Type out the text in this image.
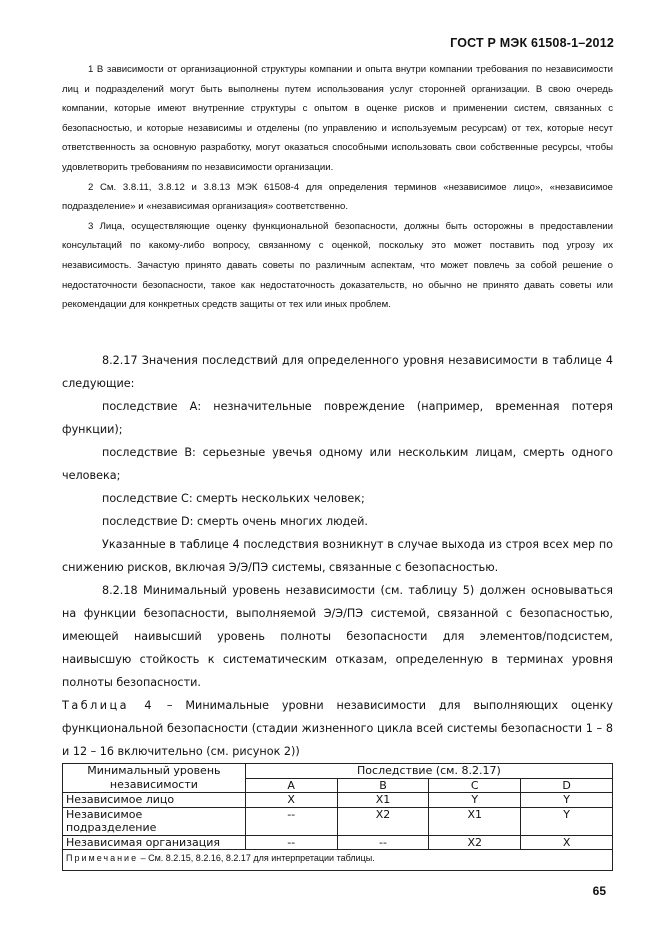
ГОСТ Р МЭК 61508-1–2012

1 В зависимости от организационной структуры компании и опыта внутри компании требования по независимости лиц и подразделений могут быть выполнены путем использования услуг сторонней организации. В свою очередь компании, которые имеют внутренние структуры с опытом в оценке рисков и применении систем, связанных с безопасностью, и которые независимы и отделены (по управлению и используемым ресурсам) от тех, которые несут ответственность за основную разработку, могут оказаться способными использовать свои собственные ресурсы, чтобы удовлетворить требованиям по независимости организации.

2 См. 3.8.11, 3.8.12 и 3.8.13 МЭК 61508-4 для определения терминов «независимое лицо», «независимое подразделение» и «независимая организация» соответственно.

3 Лица, осуществляющие оценку функциональной безопасности, должны быть осторожны в предоставлении консультаций по какому-либо вопросу, связанному с оценкой, поскольку это может поставить под угрозу их независимость. Зачастую принято давать советы по различным аспектам, что может повлечь за собой решение о недостаточности безопасности, такое как недостаточность доказательств, но обычно не принято давать советы или рекомендации для конкретных средств защиты от тех или иных проблем.

8.2.17 Значения последствий для определенного уровня независимости в таблице 4 следующие:

последствие А: незначительные повреждение (например, временная потеря функции);

последствие В: серьезные увечья одному или нескольким лицам, смерть одного человека;

последствие С: смерть нескольких человек;

последствие D: смерть очень многих людей.

Указанные в таблице 4 последствия возникнут в случае выхода из строя всех мер по снижению рисков, включая Э/Э/ПЭ системы, связанные с безопасностью.

8.2.18 Минимальный уровень независимости (см. таблицу 5) должен основываться на функции безопасности, выполняемой Э/Э/ПЭ системой, связанной с безопасностью, имеющей наивысший уровень полноты безопасности для элементов/подсистем, наивысшую стойкость к систематическим отказам, определенную в терминах уровня полноты безопасности.

Таблица 4 – Минимальные уровни независимости для выполняющих оценку функциональной безопасности (стадии жизненного цикла всей системы безопасности 1 – 8 и 12 – 16 включительно (см. рисунок 2))

Минимальный уровень независимости	Последствие (см. 8.2.17)			
	A	B	C	D
Независимое лицо	X	X1	Y	Y
Независимое подразделение	--	X2	X1	Y
Независимая организация	--	--	X2	X
Примечание – См. 8.2.15, 8.2.16, 8.2.17 для интерпретации таблицы.				
65
